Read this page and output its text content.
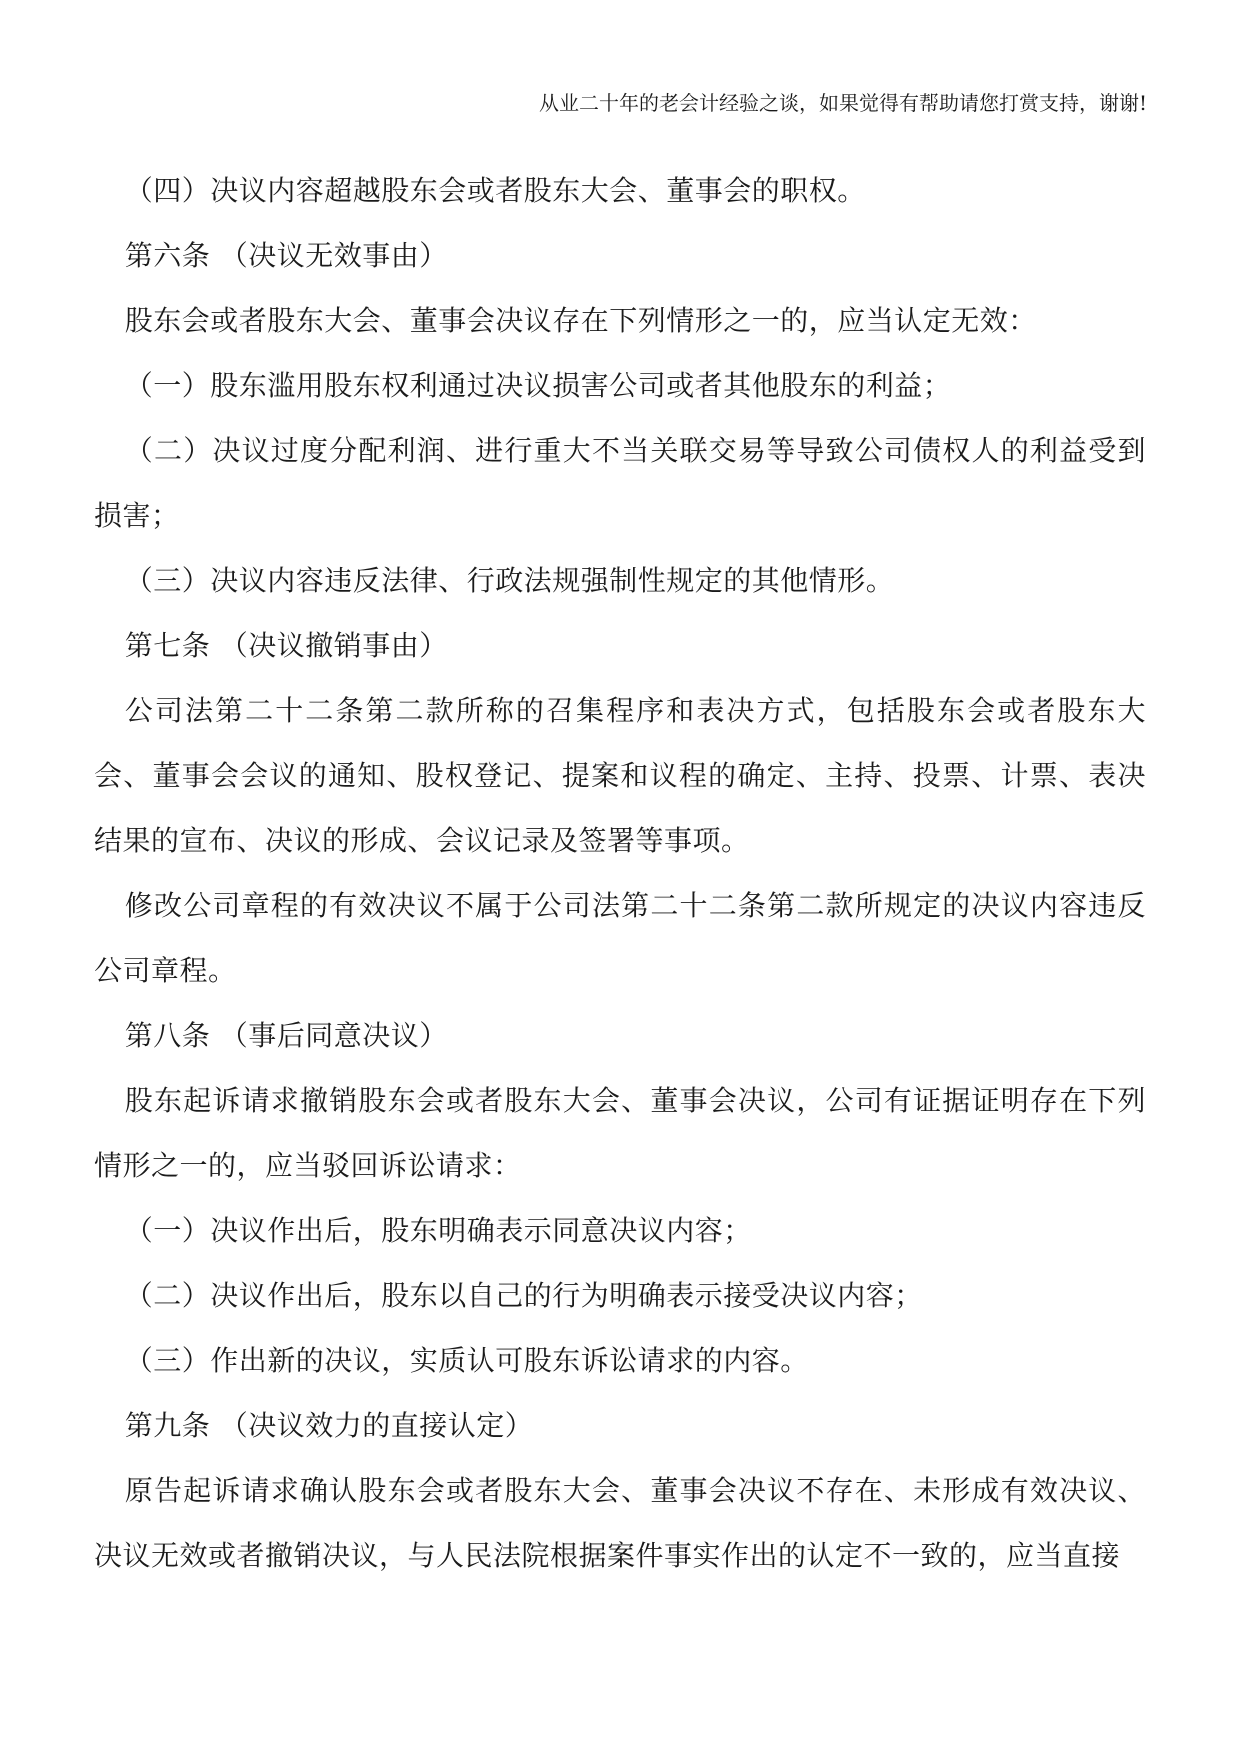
从业二十年的老会计经验之谈，如果觉得有帮助请您打赏支持，谢谢!

（四）决议内容超越股东会或者股东大会、董事会的职权。

第六条 （决议无效事由）

股东会或者股东大会、董事会决议存在下列情形之一的，应当认定无效：

（一）股东滥用股东权利通过决议损害公司或者其他股东的利益；

（二）决议过度分配利润、进行重大不当关联交易等导致公司债权人的利益受到损害；

（三）决议内容违反法律、行政法规强制性规定的其他情形。

第七条 （决议撤销事由）

公司法第二十二条第二款所称的召集程序和表决方式，包括股东会或者股东大会、董事会会议的通知、股权登记、提案和议程的确定、主持、投票、计票、表决结果的宣布、决议的形成、会议记录及签署等事项。

修改公司章程的有效决议不属于公司法第二十二条第二款所规定的决议内容违反公司章程。

第八条 （事后同意决议）

股东起诉请求撤销股东会或者股东大会、董事会决议，公司有证据证明存在下列情形之一的，应当驳回诉讼请求：

（一）决议作出后，股东明确表示同意决议内容；

（二）决议作出后，股东以自己的行为明确表示接受决议内容；

（三）作出新的决议，实质认可股东诉讼请求的内容。

第九条 （决议效力的直接认定）

原告起诉请求确认股东会或者股东大会、董事会决议不存在、未形成有效决议、决议无效或者撤销决议，与人民法院根据案件事实作出的认定不一致的，应当直接
